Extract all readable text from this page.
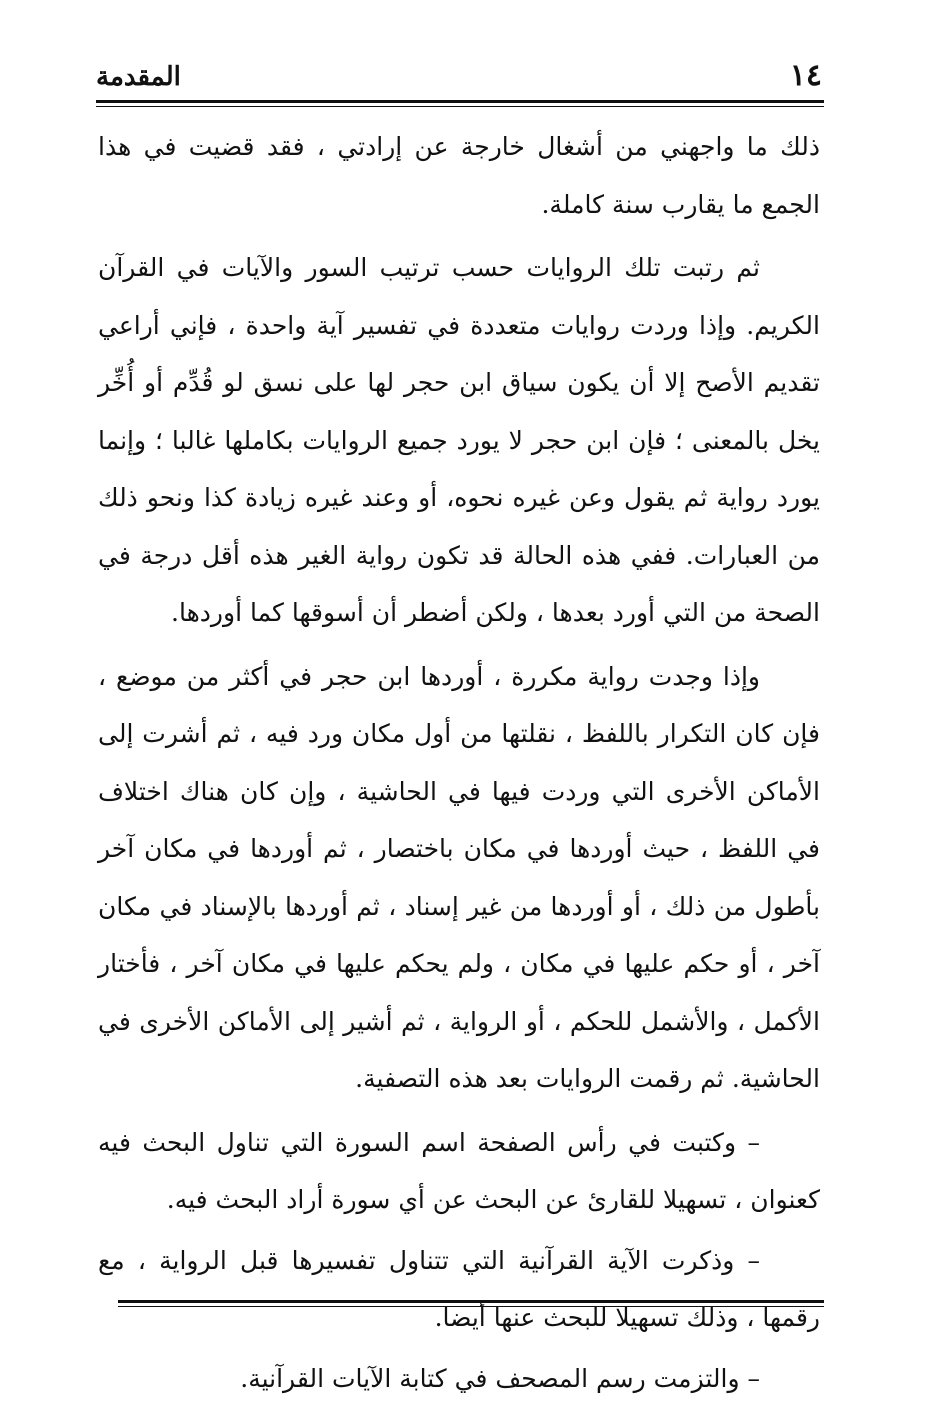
١٤
المقدمة

ذلك ما واجهني من أشغال خارجة عن إرادتي ، فقد قضيت في هذا الجمع ما يقارب سنة كاملة.

ثم رتبت تلك الروايات حسب ترتيب السور والآيات في القرآن الكريم. وإذا وردت روايات متعددة في تفسير آية واحدة ، فإني أراعي تقديم الأصح إلا أن يكون سياق ابن حجر لها على نسق لو قُدِّم أو أُخِّر يخل بالمعنى ؛ فإن ابن حجر لا يورد جميع الروايات بكاملها غالبا ؛ وإنما يورد رواية ثم يقول وعن غيره نحوه، أو وعند غيره زيادة كذا ونحو ذلك من العبارات. ففي هذه الحالة قد تكون رواية الغير هذه أقل درجة في الصحة من التي أورد بعدها ، ولكن أضطر أن أسوقها كما أوردها.

وإذا وجدت رواية مكررة ، أوردها ابن حجر في أكثر من موضع ، فإن كان التكرار باللفظ ، نقلتها من أول مكان ورد فيه ، ثم أشرت إلى الأماكن الأخرى التي وردت فيها في الحاشية ، وإن كان هناك اختلاف في اللفظ ، حيث أوردها في مكان باختصار ، ثم أوردها في مكان آخر بأطول من ذلك ، أو أوردها من غير إسناد ، ثم أوردها بالإسناد في مكان آخر ، أو حكم عليها في مكان ، ولم يحكم عليها في مكان آخر ، فأختار الأكمل ، والأشمل للحكم ، أو الرواية ، ثم أشير إلى الأماكن الأخرى في الحاشية. ثم رقمت الروايات بعد هذه التصفية.

– وكتبت في رأس الصفحة اسم السورة التي تناول البحث فيه كعنوان ، تسهيلا للقارئ عن البحث عن أي سورة أراد البحث فيه.

– وذكرت الآية القرآنية التي تتناول تفسيرها قبل الرواية ، مع رقمها ، وذلك تسهيلا للبحث عنها أيضا.

– والتزمت رسم المصحف في كتابة الآيات القرآنية.
